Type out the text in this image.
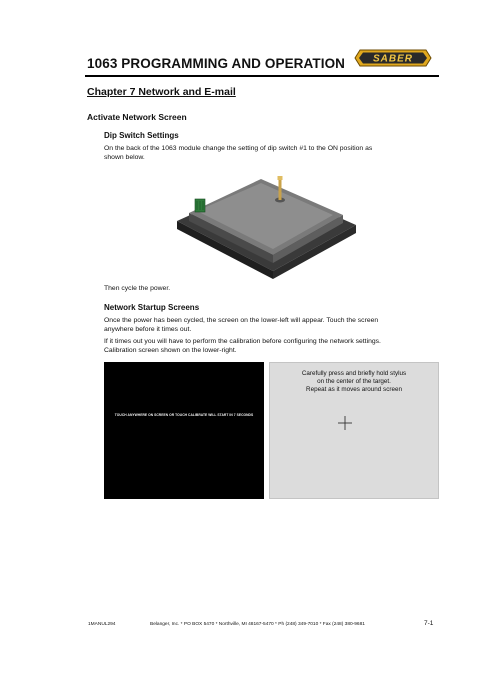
1063 PROGRAMMING AND OPERATION	SABER
Chapter 7 Network and E-mail
Activate Network Screen
Dip Switch Settings
On the back of the 1063 module change the setting of dip switch #1 to the ON position as
shown below.
Then cycle the power.
Network Startup Screens
Once the power has been cycled, the screen on the lower-left will appear. Touch the screen
anywhere before it times out.
If it times out you will have to perform the calibration before configuring the network settings.
Calibration screen shown on the lower-right.
TOUCH ANYWHERE ON SCREEN OR TOUCH CALIBRATE WILL START IN 7 SECONDS
Carefully press and briefly hold stylus
on the center of the target.
Repeat as it moves around screen
1MANUL294	Belanger, Inc. * PO BOX 5470 * Northville, MI 48167-5470 * Ph (248) 349-7010 * Fax (248) 380-9681	7-1
